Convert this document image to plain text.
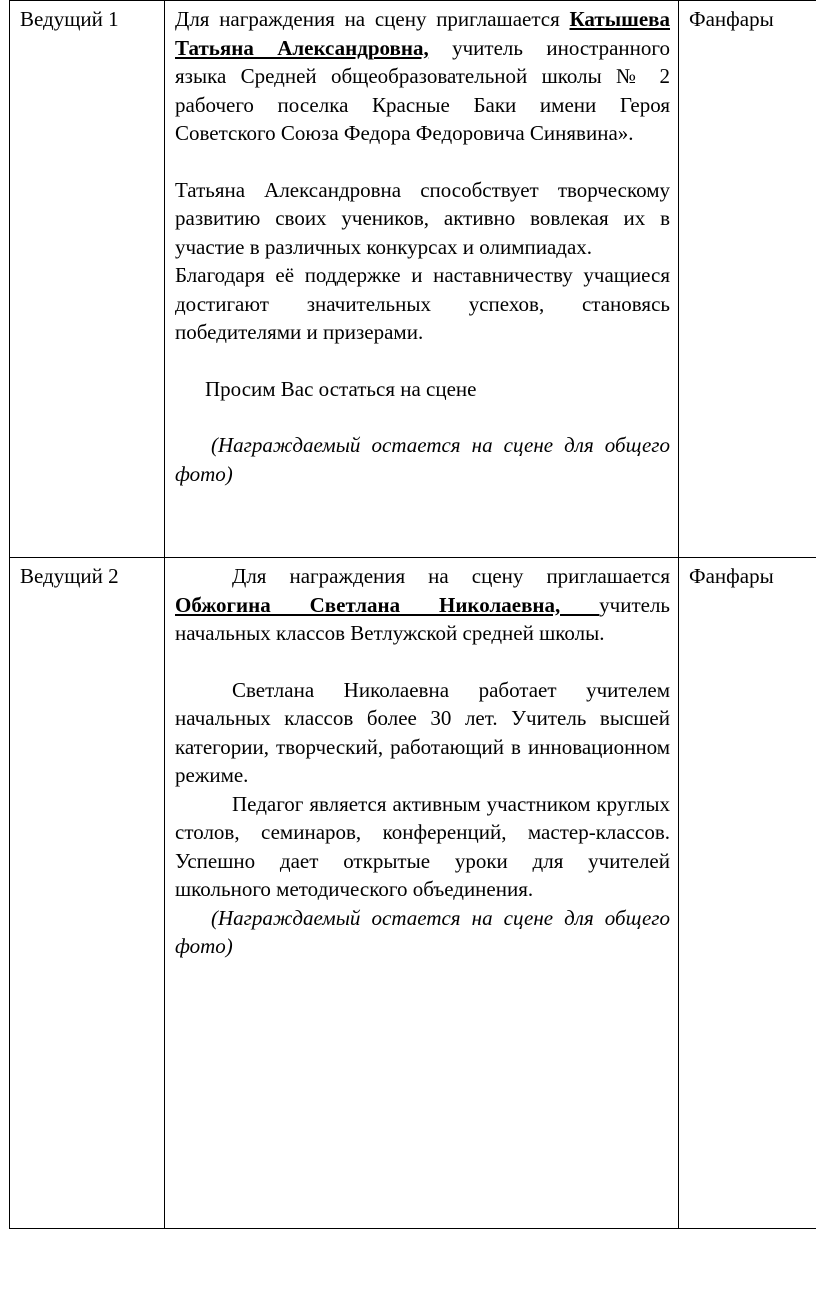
Ведущий 1	Для награждения на сцену приглашается Катышева Татьяна Александровна, учитель иностранного языка Средней общеобразовательной школы № 2 рабочего поселка Красные Баки имени Героя Советского Союза Федора Федоровича Синявина».

Татьяна Александровна способствует творческому развитию своих учеников, активно вовлекая их в участие в различных конкурсах и олимпиадах.

Благодаря её поддержке и наставничеству учащиеся достигают значительных успехов, становясь победителями и призерами.

Просим Вас остаться на сцене

(Награждаемый остается на сцене для общего фото)	Фанфары	
Ведущий 2	Для награждения на сцену приглашается Обжогина Светлана Николаевна, учитель начальных классов Ветлужской средней школы.

Светлана Николаевна работает учителем начальных классов более 30 лет. Учитель высшей категории, творческий, работающий в инновационном режиме.

Педагог является активным участником круглых столов, семинаров, конференций, мастер-классов. Успешно дает открытые уроки для учителей школьного методического объединения.

(Награждаемый остается на сцене для общего фото)	Фанфары	
